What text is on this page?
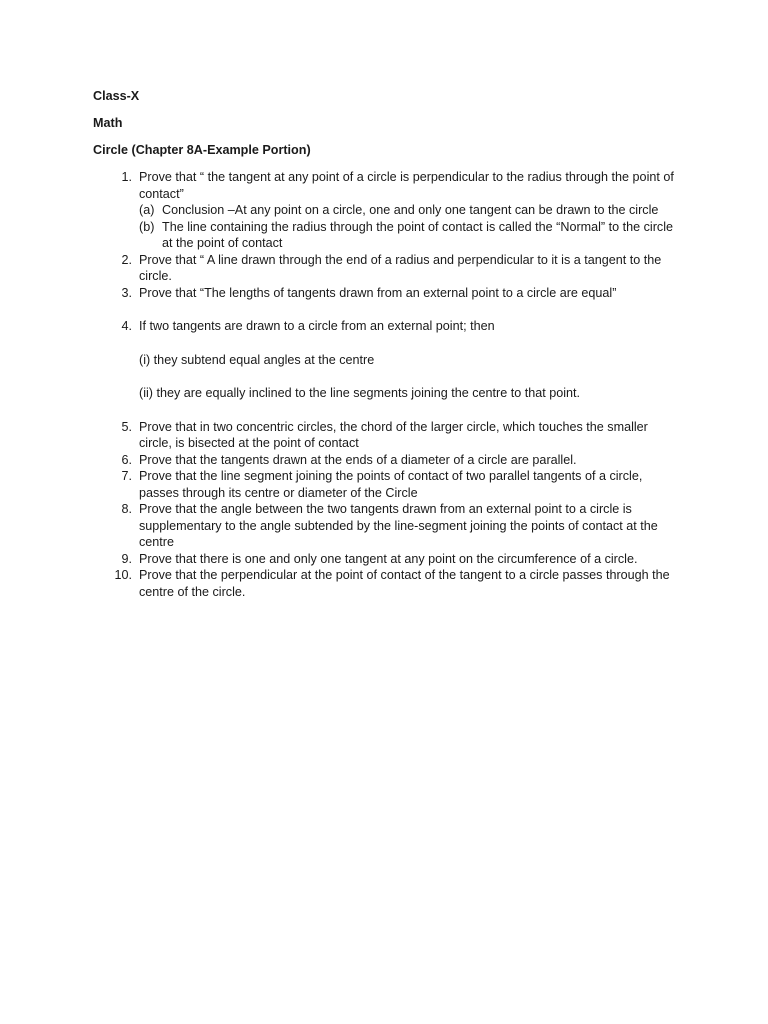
Class-X
Math
Circle (Chapter 8A-Example Portion)
1. Prove that “ the tangent at any point of a circle is perpendicular to the radius through the point of contact”
(a) Conclusion –At any point on a circle, one and only one tangent can be drawn to the circle
(b) The line containing the radius through the point of contact is called the “Normal” to the circle at the point of contact
2. Prove that “ A line drawn through the end of a radius and perpendicular to it is a tangent to the circle.
3. Prove that “The lengths of tangents drawn from an external point to a circle are equal”
4. If two tangents are drawn to a circle from an external point; then
(i) they subtend equal angles at the centre
(ii) they are equally inclined to the line segments joining the centre to that point.
5. Prove that in two concentric circles, the chord of the larger circle, which touches the smaller circle, is bisected at the point of contact
6. Prove that the tangents drawn at the ends of a diameter of a circle are parallel.
7. Prove that the line segment joining the points of contact of two parallel tangents of a circle, passes through its centre or diameter of the Circle
8. Prove that the angle between the two tangents drawn from an external point to a circle is supplementary to the angle subtended by the line-segment joining the points of contact at the centre
9. Prove that there is one and only one tangent at any point on the circumference of a circle.
10. Prove that the perpendicular at the point of contact of the tangent to a circle passes through the centre of the circle.
